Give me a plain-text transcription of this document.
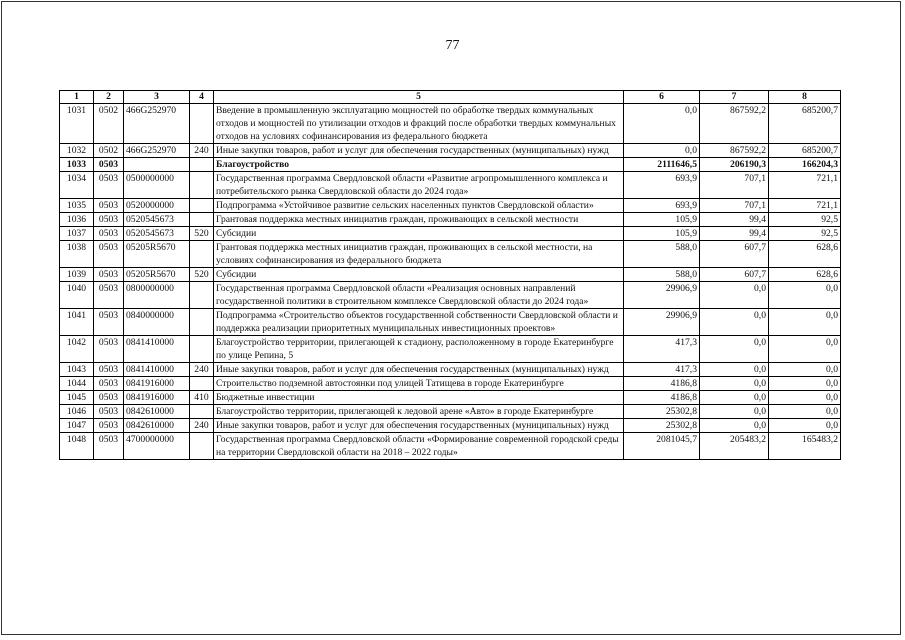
77
1	2	3	4	5	6	7	8
1031	0502	466G252970		Введение в промышленную эксплуатацию мощностей по обработке твердых коммунальных отходов и мощностей по утилизации отходов и фракций после обработки твердых коммунальных отходов на условиях софинансирования из федерального бюджета	0,0	867592,2	685200,7
1032	0502	466G252970	240	Иные закупки товаров, работ и услуг для обеспечения государственных (муниципальных) нужд	0,0	867592,2	685200,7
1033	0503			Благоустройство	2111646,5	206190,3	166204,3
1034	0503	0500000000		Государственная программа Свердловской области «Развитие агропромышленного комплекса и потребительского рынка Свердловской области до 2024 года»	693,9	707,1	721,1
1035	0503	0520000000		Подпрограмма «Устойчивое развитие сельских населенных пунктов Свердловской области»	693,9	707,1	721,1
1036	0503	0520545673		Грантовая поддержка местных инициатив граждан, проживающих в сельской местности	105,9	99,4	92,5
1037	0503	0520545673	520	Субсидии	105,9	99,4	92,5
1038	0503	05205R5670		Грантовая поддержка местных инициатив граждан, проживающих в сельской местности, на условиях софинансирования из федерального бюджета	588,0	607,7	628,6
1039	0503	05205R5670	520	Субсидии	588,0	607,7	628,6
1040	0503	0800000000		Государственная программа Свердловской области «Реализация основных направлений государственной политики в строительном комплексе Свердловской области до 2024 года»	29906,9	0,0	0,0
1041	0503	0840000000		Подпрограмма «Строительство объектов государственной собственности Свердловской области и поддержка реализации приоритетных муниципальных инвестиционных проектов»	29906,9	0,0	0,0
1042	0503	0841410000		Благоустройство территории, прилегающей к стадиону, расположенному в городе Екатеринбурге по улице Репина, 5	417,3	0,0	0,0
1043	0503	0841410000	240	Иные закупки товаров, работ и услуг для обеспечения государственных (муниципальных) нужд	417,3	0,0	0,0
1044	0503	0841916000		Строительство подземной автостоянки под улицей Татищева в городе Екатеринбурге	4186,8	0,0	0,0
1045	0503	0841916000	410	Бюджетные инвестиции	4186,8	0,0	0,0
1046	0503	0842610000		Благоустройство территории, прилегающей к ледовой арене «Авто» в городе Екатеринбурге	25302,8	0,0	0,0
1047	0503	0842610000	240	Иные закупки товаров, работ и услуг для обеспечения государственных (муниципальных) нужд	25302,8	0,0	0,0
1048	0503	4700000000		Государственная программа Свердловской области «Формирование современной городской среды на территории Свердловской области на 2018 – 2022 годы»	2081045,7	205483,2	165483,2
